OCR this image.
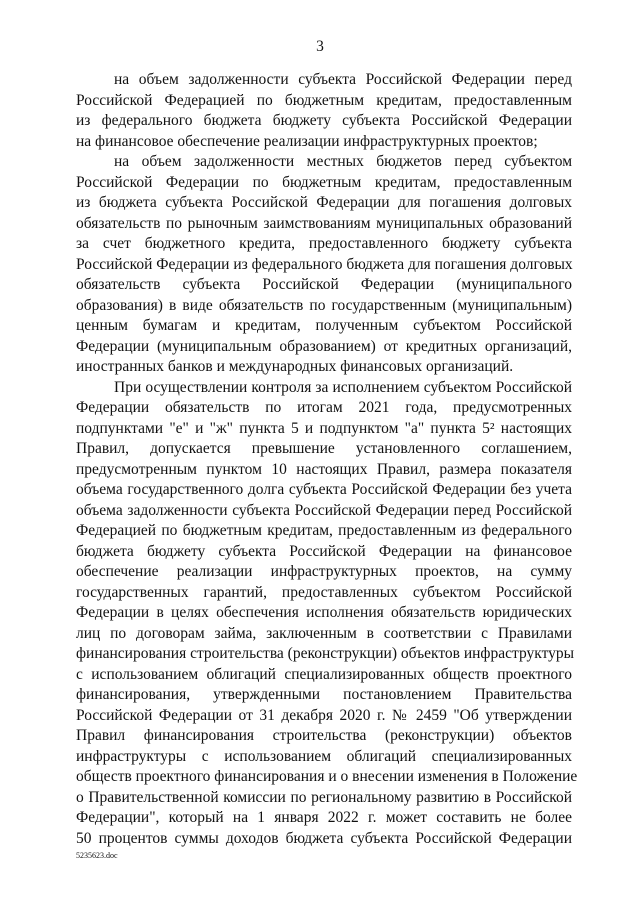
3
на объем задолженности субъекта Российской Федерации перед
Российской Федерацией по бюджетным кредитам, предоставленным
из федерального бюджета бюджету субъекта Российской Федерации
на финансовое обеспечение реализации инфраструктурных проектов;
на объем задолженности местных бюджетов перед субъектом
Российской Федерации по бюджетным кредитам, предоставленным
из бюджета субъекта Российской Федерации для погашения долговых
обязательств по рыночным заимствованиям муниципальных образований
за счет бюджетного кредита, предоставленного бюджету субъекта
Российской Федерации из федерального бюджета для погашения долговых
обязательств субъекта Российской Федерации (муниципального
образования) в виде обязательств по государственным (муниципальным)
ценным бумагам и кредитам, полученным субъектом Российской
Федерации (муниципальным образованием) от кредитных организаций,
иностранных банков и международных финансовых организаций.
При осуществлении контроля за исполнением субъектом Российской
Федерации обязательств по итогам 2021 года, предусмотренных
подпунктами "е" и "ж" пункта 5 и подпунктом "а" пункта 5² настоящих
Правил, допускается превышение установленного соглашением,
предусмотренным пунктом 10 настоящих Правил, размера показателя
объема государственного долга субъекта Российской Федерации без учета
объема задолженности субъекта Российской Федерации перед Российской
Федерацией по бюджетным кредитам, предоставленным из федерального
бюджета бюджету субъекта Российской Федерации на финансовое
обеспечение реализации инфраструктурных проектов, на сумму
государственных гарантий, предоставленных субъектом Российской
Федерации в целях обеспечения исполнения обязательств юридических
лиц по договорам займа, заключенным в соответствии с Правилами
финансирования строительства (реконструкции) объектов инфраструктуры
с использованием облигаций специализированных обществ проектного
финансирования, утвержденными постановлением Правительства
Российской Федерации от 31 декабря 2020 г. № 2459 "Об утверждении
Правил финансирования строительства (реконструкции) объектов
инфраструктуры с использованием облигаций специализированных
обществ проектного финансирования и о внесении изменения в Положение
о Правительственной комиссии по региональному развитию в Российской
Федерации", который на 1 января 2022 г. может составить не более
50 процентов суммы доходов бюджета субъекта Российской Федерации
5235623.doc
